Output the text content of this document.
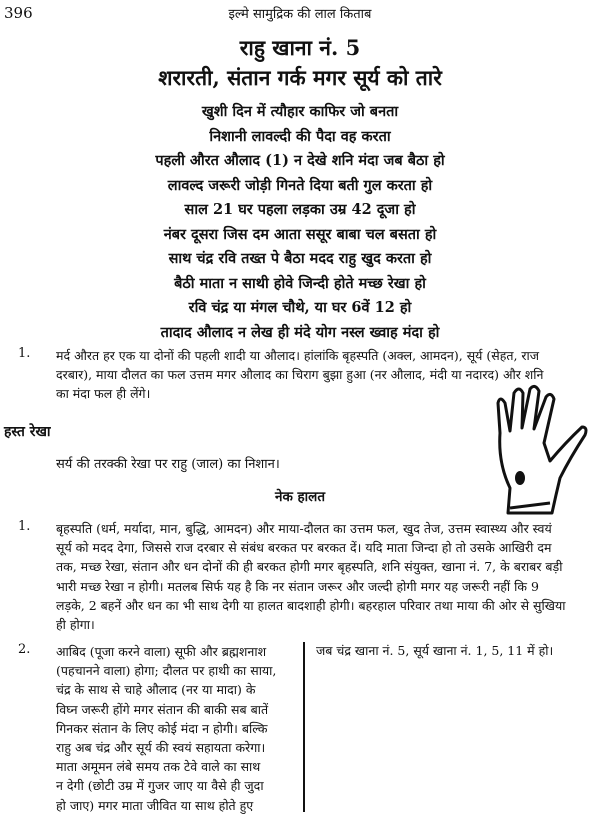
396	इल्मे सामुद्रिक की लाल किताब
राहु खाना नं. 5
शरारती, संतान गर्क मगर सूर्य को तारे
खुशी दिन में त्यौहार काफिर जो बनता
निशानी लावल्दी की पैदा वह करता
पहली औरत औलाद (1) न देखे शनि मंदा जब बैठा हो
लावल्द जरूरी जोड़ी गिनते दिया बती गुल करता हो
साल 21 घर पहला लड़का उम्र 42 दूजा हो
नंबर दूसरा जिस दम आता ससूर बाबा चल बसता हो
साथ चंद्र रवि तख्त पे बैठा मदद राहु खुद करता हो
बैठी माता न साथी होवे जिन्दी होते मच्छ रेखा हो
रवि चंद्र या मंगल चौथे, या घर 6वें 12 हो
तादाद औलाद न लेख ही मंदे योग नस्ल ख्वाह मंदा हो
1. मर्द औरत हर एक या दोनों की पहली शादी या औलाद। हांलांकि बृहस्पति (अक्ल, आमदन), सूर्य (सेहत, राज
दरबार), माया दौलत का फल उत्तम मगर औलाद का चिराग बुझा हुआ (नर औलाद, मंदी या नदारद) और शनि
का मंदा फल ही लेंगे।
हस्त रेखा
सर्य की तरक्की रेखा पर राहु (जाल) का निशान।
नेक हालत
1. बृहस्पति (धर्म, मर्यादा, मान, बुद्धि, आमदन) और माया-दौलत का उत्तम फल, खुद तेज, उत्तम स्वास्थ्य और स्वयं
सूर्य को मदद देगा, जिससे राज दरबार से संबंध बरकत पर बरकत दें। यदि माता जिन्दा हो तो उसके आखिरी दम
तक, मच्छ रेखा, संतान और धन दोनों की ही बरकत होगी मगर बृहस्पति, शनि संयुक्त, खाना नं. 7, के बराबर बड़ी
भारी मच्छ रेखा न होगी। मतलब सिर्फ यह है कि नर संतान जरूर और जल्दी होगी मगर यह जरूरी नहीं कि 9
लड़के, 2 बहनें और धन का भी साथ देगी या हालत बादशाही होगी। बहरहाल परिवार तथा माया की ओर से सुखिया
ही होगा।
2. आबिद (पूजा करने वाला) सूफी और ब्रह्मशनाश
(पहचानने वाला) होगा; दौलत पर हाथी का साया,
चंद्र के साथ से चाहे औलाद (नर या मादा) के
विघ्न जरूरी होंगे मगर संतान की बाकी सब बातें
गिनकर संतान के लिए कोई मंदा न होगी। बल्कि
राहु अब चंद्र और सूर्य की स्वयं सहायता करेगा।
माता अमूमन लंबे समय तक टेवे वाले का साथ
न देगी (छोटी उम्र में गुजर जाए या वैसे ही जुदा
हो जाए) मगर माता जीवित या साथ होते हुए
जब चंद्र खाना नं. 5, सूर्य खाना नं. 1, 5, 11 में हो।
